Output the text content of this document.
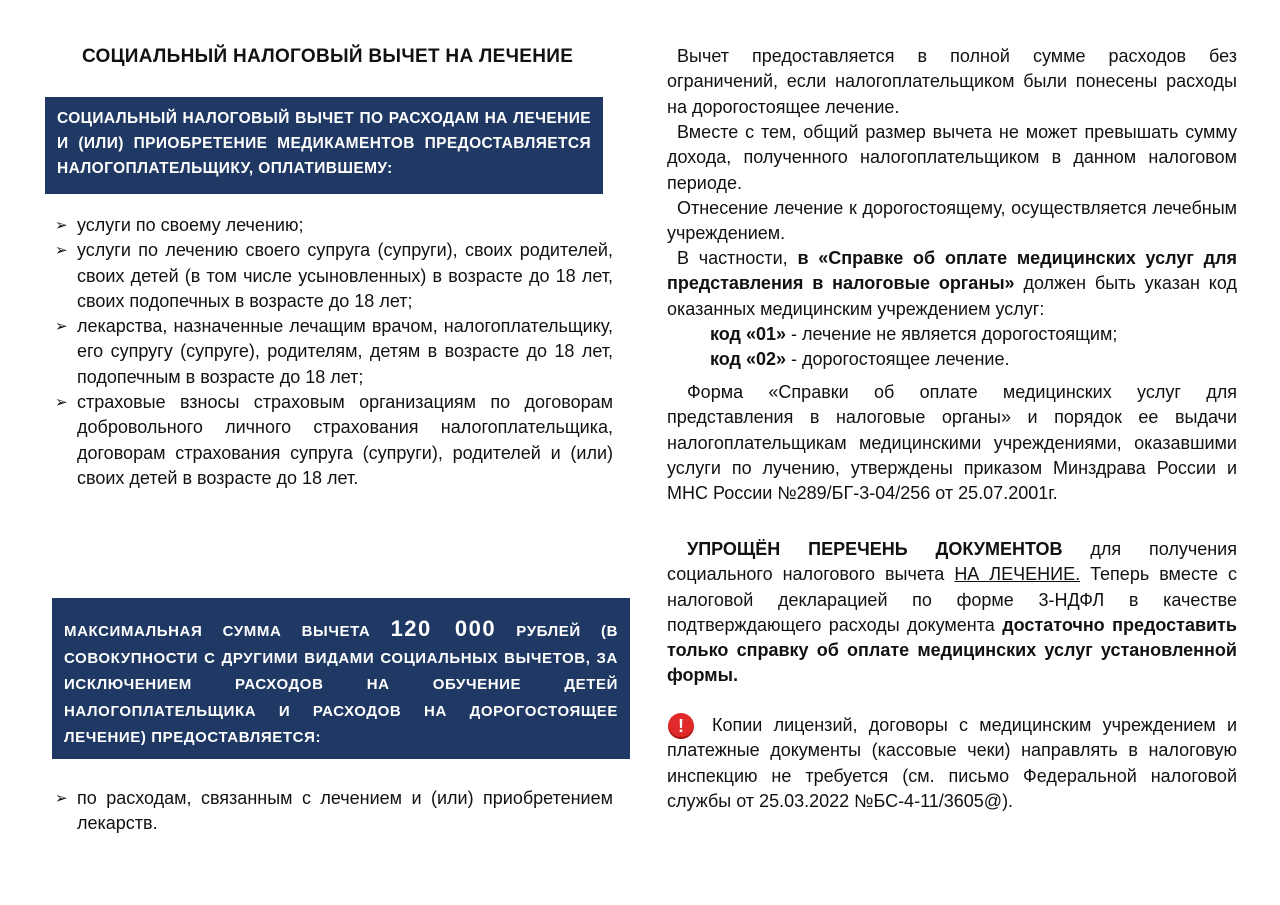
СОЦИАЛЬНЫЙ НАЛОГОВЫЙ ВЫЧЕТ НА ЛЕЧЕНИЕ
СОЦИАЛЬНЫЙ НАЛОГОВЫЙ ВЫЧЕТ ПО РАСХОДАМ НА ЛЕЧЕНИЕ И (ИЛИ) ПРИОБРЕТЕНИЕ МЕДИКАМЕНТОВ ПРЕДОСТАВЛЯЕТСЯ НАЛОГОПЛАТЕЛЬЩИКУ, ОПЛАТИВШЕМУ:
➢ услуги по своему лечению;
➢ услуги по лечению своего супруга (супруги), своих родителей, своих детей (в том числе усыновленных) в возрасте до 18 лет, своих подопечных в возрасте до 18 лет;
➢ лекарства, назначенные лечащим врачом, налогоплательщику, его супругу (супруге), родителям, детям в возрасте до 18 лет, подопечным в возрасте до 18 лет;
➢ страховые взносы страховым организациям по договорам добровольного личного страхования налогоплательщика, договорам страхования супруга (супруги), родителей и (или) своих детей в возрасте до 18 лет.
МАКСИМАЛЬНАЯ СУММА ВЫЧЕТА 120 000 РУБЛЕЙ (В СОВОКУПНОСТИ С ДРУГИМИ ВИДАМИ СОЦИАЛЬНЫХ ВЫЧЕТОВ, ЗА ИСКЛЮЧЕНИЕМ РАСХОДОВ НА ОБУЧЕНИЕ ДЕТЕЙ НАЛОГОПЛАТЕЛЬЩИКА И РАСХОДОВ НА ДОРОГОСТОЯЩЕЕ ЛЕЧЕНИЕ) ПРЕДОСТАВЛЯЕТСЯ:
➢ по расходам, связанным с лечением и (или) приобретением лекарств.
Вычет предоставляется в полной сумме расходов без ограничений, если налогоплательщиком были понесены расходы на дорогостоящее лечение.
Вместе с тем, общий размер вычета не может превышать сумму дохода, полученного налогоплательщиком в данном налоговом периоде.
Отнесение лечение к дорогостоящему, осуществляется лечебным учреждением.
В частности, в «Справке об оплате медицинских услуг для представления в налоговые органы» должен быть указан код оказанных медицинским учреждением услуг:
код «01» - лечение не является дорогостоящим;
код «02» - дорогостоящее лечение.
Форма «Справки об оплате медицинских услуг для представления в налоговые органы» и порядок ее выдачи налогоплательщикам медицинскими учреждениями, оказавшими услуги по лучению, утверждены приказом Минздрава России и МНС России №289/БГ-3-04/256 от 25.07.2001г.
УПРОЩЁН ПЕРЕЧЕНЬ ДОКУМЕНТОВ для получения социального налогового вычета НА ЛЕЧЕНИЕ. Теперь вместе с налоговой декларацией по форме 3-НДФЛ в качестве подтверждающего расходы документа достаточно предоставить только справку об оплате медицинских услуг установленной формы.
!	Копии лицензий, договоры с медицинским учреждением и платежные документы (кассовые чеки) направлять в налоговую инспекцию не требуется (см. письмо Федеральной налоговой службы от 25.03.2022 №БС-4-11/3605@).
